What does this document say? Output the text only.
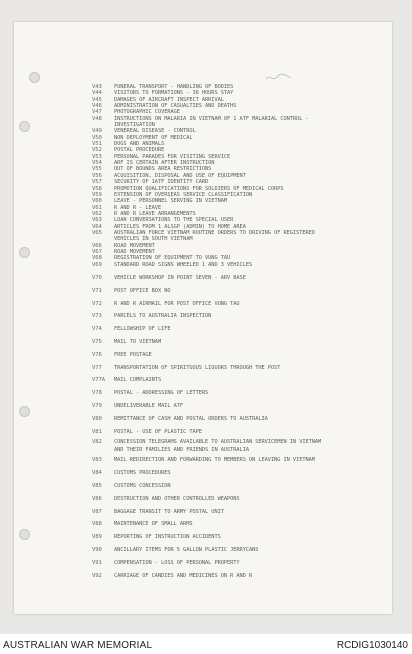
V43	FUNERAL TRANSPORT - HANDLING OF BODIES
V44	VISITORS TO FORMATIONS - 36 HOURS STAY
V45	DAMAGES OF AIRCRAFT INSPECT ARRIVAL
V46	ADMINISTRATION OF CASUALTIES AND DEATHS
V47	PHOTOGRAPHIC COVERAGE
V48	INSTRUCTIONS ON MALARIA IN VIETNAM OF 1 ATF MALARIAL CONTROL -
INVESTIGATION
V49	VENEREAL DISEASE - CONTROL
V50	NON DEPLOYMENT OF MEDICAL
V51	DOGS AND ANIMALS
V52	POSTAL PROCEDURE
V53	PERSONAL PARADES FOR VISITING SERVICE
V54	ARF IS CERTAIN AFTER INSTRUCTION
V55	OUT OF BOUNDS AREA RESTRICTIONS
V56	ACQUISITION, DISPOSAL AND USE OF EQUIPMENT
V57	SECURITY OF 1ATF IDENTITY CARD
V58	PROMOTION QUALIFICATIONS FOR SOLDIERS OF MEDICAL CORPS
V59	EXTENSION OF OVERSEAS SERVICE CLASSIFICATION
V60	LEAVE - PERSONNEL SERVING IN VIETNAM
V61	R AND R - LEAVE
V62	R AND R LEAVE ARRANGEMENTS
V63	LOAN CONVERSATIONS TO THE SPECIAL USER
V64	ARTICLES FROM 1 ALSGP (ADMIN) TO HOME AREA
V65	AUSTRALIAN FORCE VIETNAM ROUTINE ORDERS TO DRIVING OF REGISTERED
VEHICLES IN SOUTH VIETNAM
V66	ROAD MOVEMENT
V67	ROAD MOVEMENT
V68	REGISTRATION OF EQUIPMENT TO VUNG TAU
V69	STANDARD ROAD SIGNS WHEELED 1 AND 3 VEHICLES
V70	VEHICLE WORKSHOP IN POINT SEVEN - ARV BASE
V71	POST OFFICE BOX NO
V72	R AND R AIRMAIL FOR POST OFFICE VUNG TAU
V73	PARCELS TO AUSTRALIA INSPECTION
V74	FELLOWSHIP OF LIFE
V75	MAIL TO VIETNAM
V76	FREE POSTAGE
V77	TRANSPORTATION OF SPIRITUOUS LIQUORS THROUGH THE POST
V77A	MAIL COMPLAINTS
V78	POSTAL - ADDRESSING OF LETTERS
V79	UNDELIVERABLE MAIL ATF
V80	REMITTANCE OF CASH AND POSTAL ORDERS TO AUSTRALIA
V81	POSTAL - USE OF PLASTIC TAPE
V82	CONCESSION TELEGRAMS AVAILABLE TO AUSTRALIAN SERVICEMEN IN VIETNAM
AND THEIR FAMILIES AND FRIENDS IN AUSTRALIA
V83	MAIL REDIRECTION AND FORWARDING TO MEMBERS ON LEAVING IN VIETNAM
V84	CUSTOMS PROCEDURES
V85	CUSTOMS CONCESSION
V86	DESTRUCTION AND OTHER CONTROLLED WEAPONS
V87	BAGGAGE TRANSIT TO ARMY POSTAL UNIT
V88	MAINTENANCE OF SMALL ARMS
V89	REPORTING OF INSTRUCTION ACCIDENTS
V90	ANCILLARY ITEMS FOR 5 GALLON PLASTIC JERRYCANS
V91	COMPENSATION - LOSS OF PERSONAL PROPERTY
V92	CARRIAGE OF CANDIES AND MEDICINES ON R AND R
AUSTRALIAN WAR MEMORIAL	RCDIG1030140
